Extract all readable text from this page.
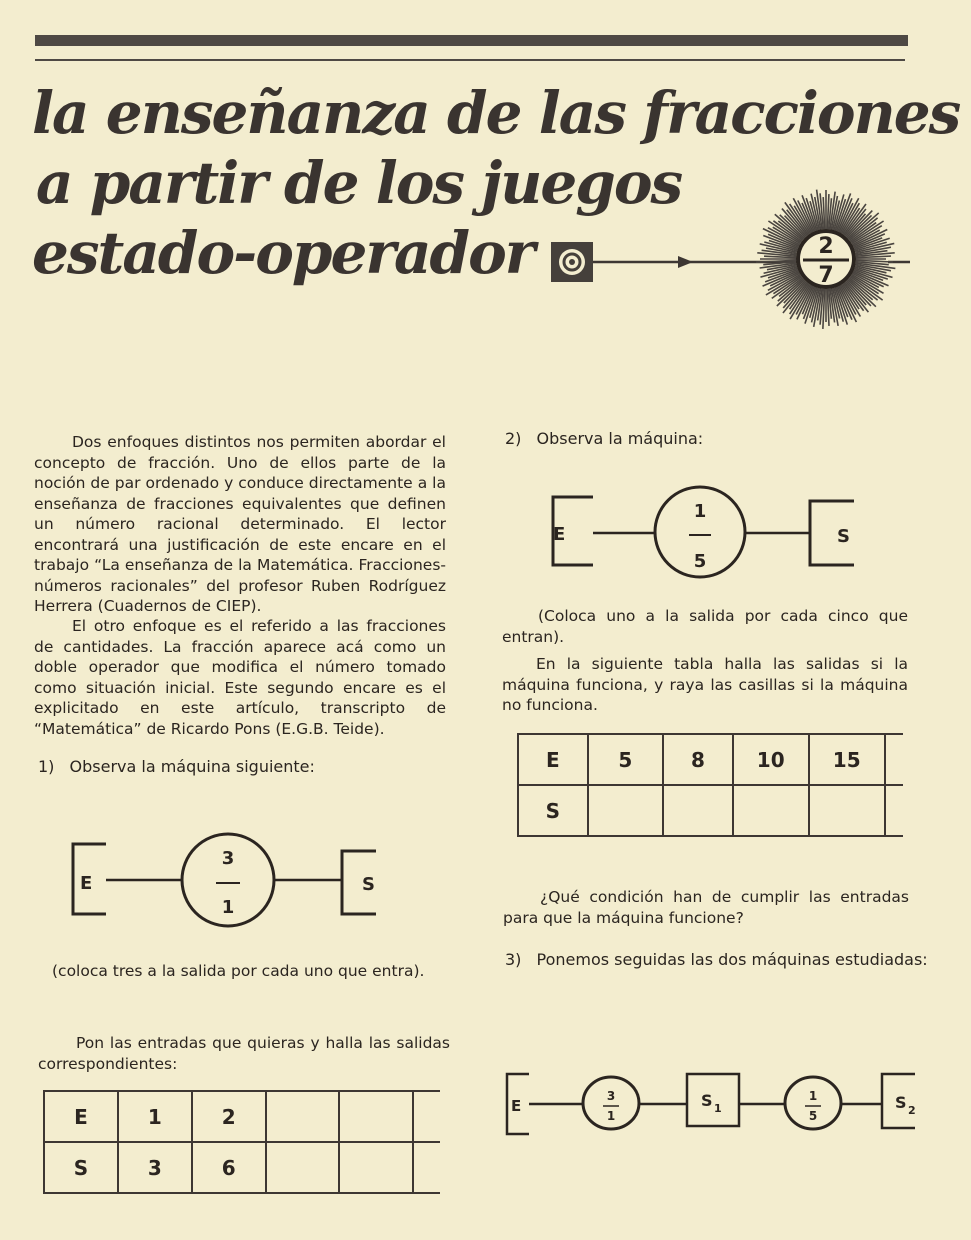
la enseñanza de las fracciones
a partir de los juegos
estado-operador	2
7

Dos enfoques distintos nos permiten abordar el concepto de fracción. Uno de ellos parte de la noción de par ordenado y conduce directamente a la enseñanza de fracciones equivalentes que definen un número racional determinado. El lector encontrará una justificación de este encare en el trabajo “La enseñanza de la Matemática. Fracciones-números racionales” del profesor Ruben Rodríguez Herrera (Cuadernos de CIEP).

El otro enfoque es el referido a las fracciones de cantidades. La fracción aparece acá como un doble operador que modifica el número tomado como situación inicial. Este segundo encare es el explicitado en este artículo, transcripto de “Matemática” de Ricardo Pons (E.G.B. Teide).

1) Observa la máquina siguiente:
E
3
1
S

(coloca tres a la salida por cada uno que entra).

Pon las entradas que quieras y halla las salidas correspondientes:

E	1	2			
S	3	6			
2) Observa la máquina:
E
1
5
S

(Coloca uno a la salida por cada cinco que entran).

En la siguiente tabla halla las salidas si la máquina funciona, y raya las casillas si la máquina no funciona.

E	5	8	10	15	
S					

¿Qué condición han de cumplir las entradas para que la máquina funcione?

3) Ponemos seguidas las dos máquinas estudiadas:
E
3
1
S 1
1
5
S 2
